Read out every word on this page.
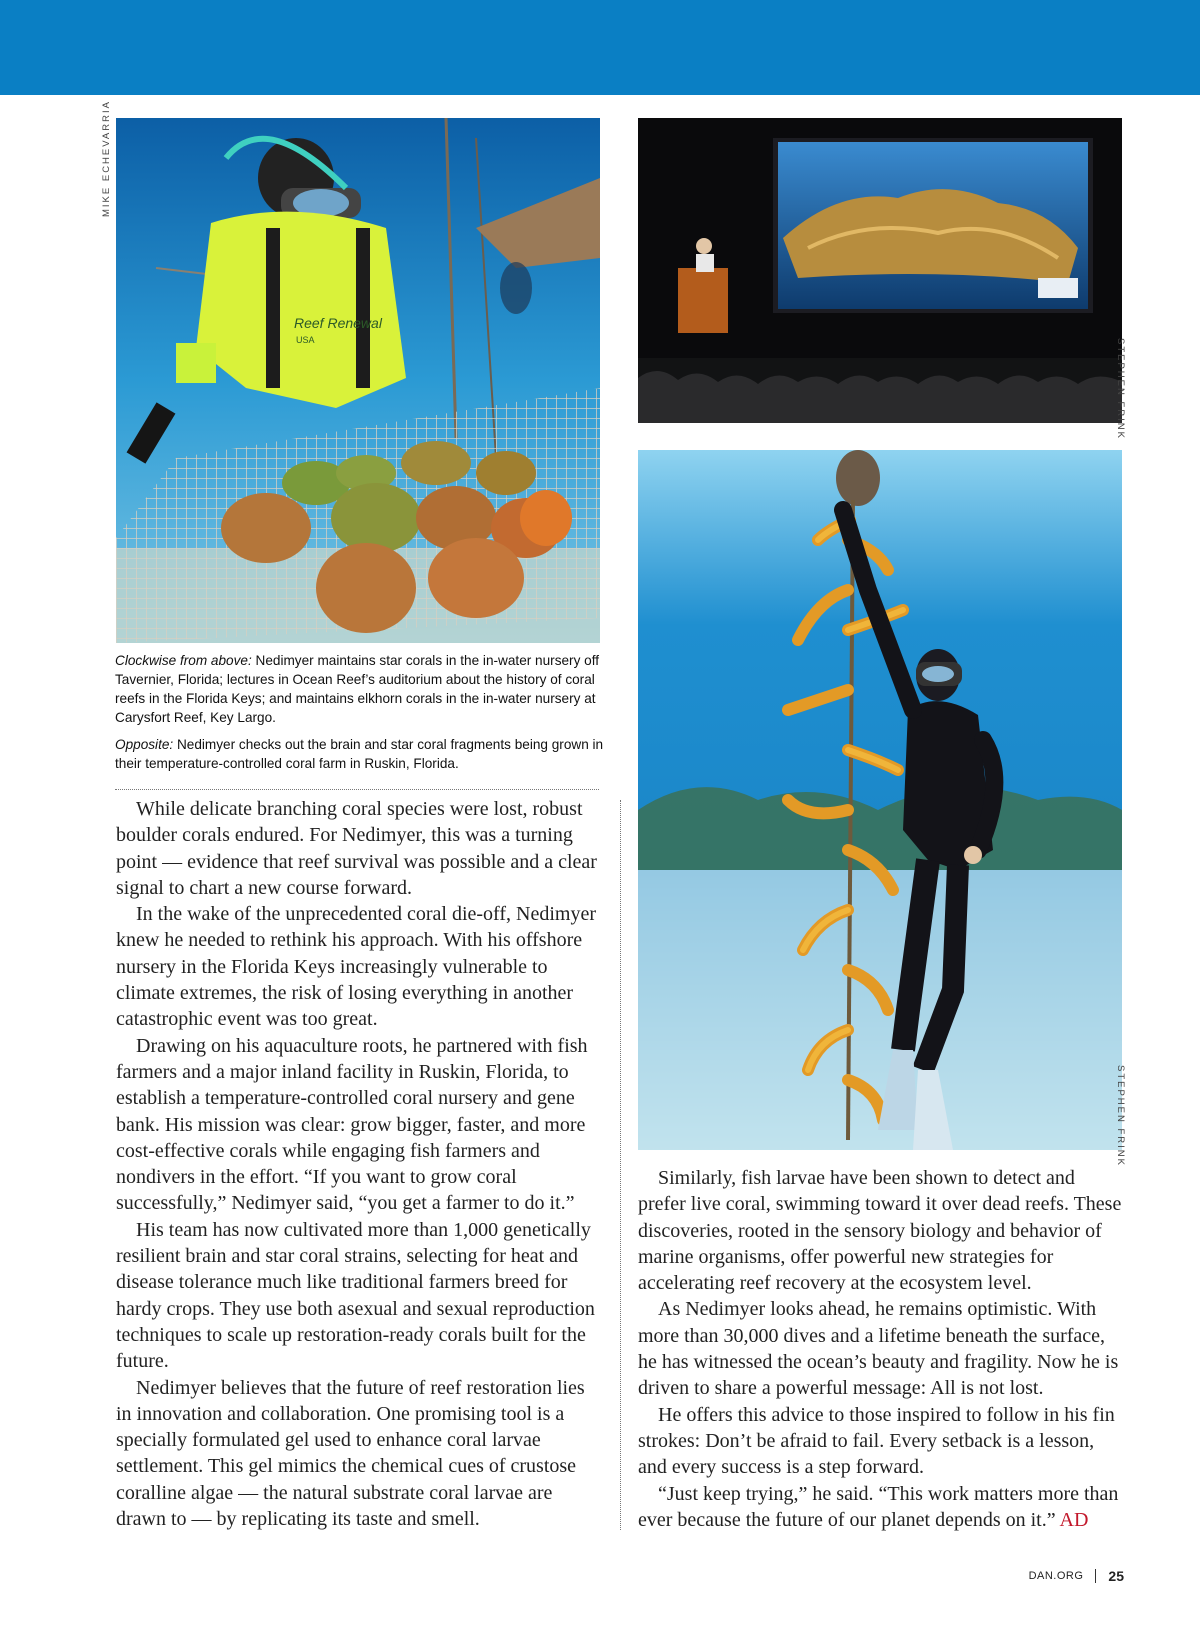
Reef Renewal
USA
MIKE ECHEVARRIA
STEPHEN FRINK
STEPHEN FRINK

Clockwise from above: Nedimyer maintains star corals in the in-water nursery off Tavernier, Florida; lectures in Ocean Reef’s auditorium about the history of coral reefs in the Florida Keys; and maintains elkhorn corals in the in-water nursery at Carysfort Reef, Key Largo.

Opposite: Nedimyer checks out the brain and star coral fragments being grown in their temperature-controlled coral farm in Ruskin, Florida.

While delicate branching coral species were lost, robust boulder corals endured. For Nedimyer, this was a turning point — evidence that reef survival was possible and a clear signal to chart a new course forward.

In the wake of the unprecedented coral die-off, Nedimyer knew he needed to rethink his approach. With his offshore nursery in the Florida Keys increasingly vulnerable to climate extremes, the risk of losing everything in another catastrophic event was too great.

Drawing on his aquaculture roots, he partnered with fish farmers and a major inland facility in Ruskin, Florida, to establish a temperature-controlled coral nursery and gene bank. His mission was clear: grow bigger, faster, and more cost-effective corals while engaging fish farmers and nondivers in the effort. “If you want to grow coral successfully,” Nedimyer said, “you get a farmer to do it.”

His team has now cultivated more than 1,000 genetically resilient brain and star coral strains, selecting for heat and disease tolerance much like traditional farmers breed for hardy crops. They use both asexual and sexual reproduction techniques to scale up restoration-ready corals built for the future.

Nedimyer believes that the future of reef restoration lies in innovation and collaboration. One promising tool is a specially formulated gel used to enhance coral larvae settlement. This gel mimics the chemical cues of crustose coralline algae — the natural substrate coral larvae are drawn to — by replicating its taste and smell.

Similarly, fish larvae have been shown to detect and prefer live coral, swimming toward it over dead reefs. These discoveries, rooted in the sensory biology and behavior of marine organisms, offer powerful new strategies for accelerating reef recovery at the ecosystem level.

As Nedimyer looks ahead, he remains optimistic. With more than 30,000 dives and a lifetime beneath the surface, he has witnessed the ocean’s beauty and fragility. Now he is driven to share a powerful message: All is not lost.

He offers this advice to those inspired to follow in his fin strokes: Don’t be afraid to fail. Every setback is a lesson, and every success is a step forward.

“Just keep trying,” he said. “This work matters more than ever because the future of our planet depends on it.” AD

DAN.ORG 25
